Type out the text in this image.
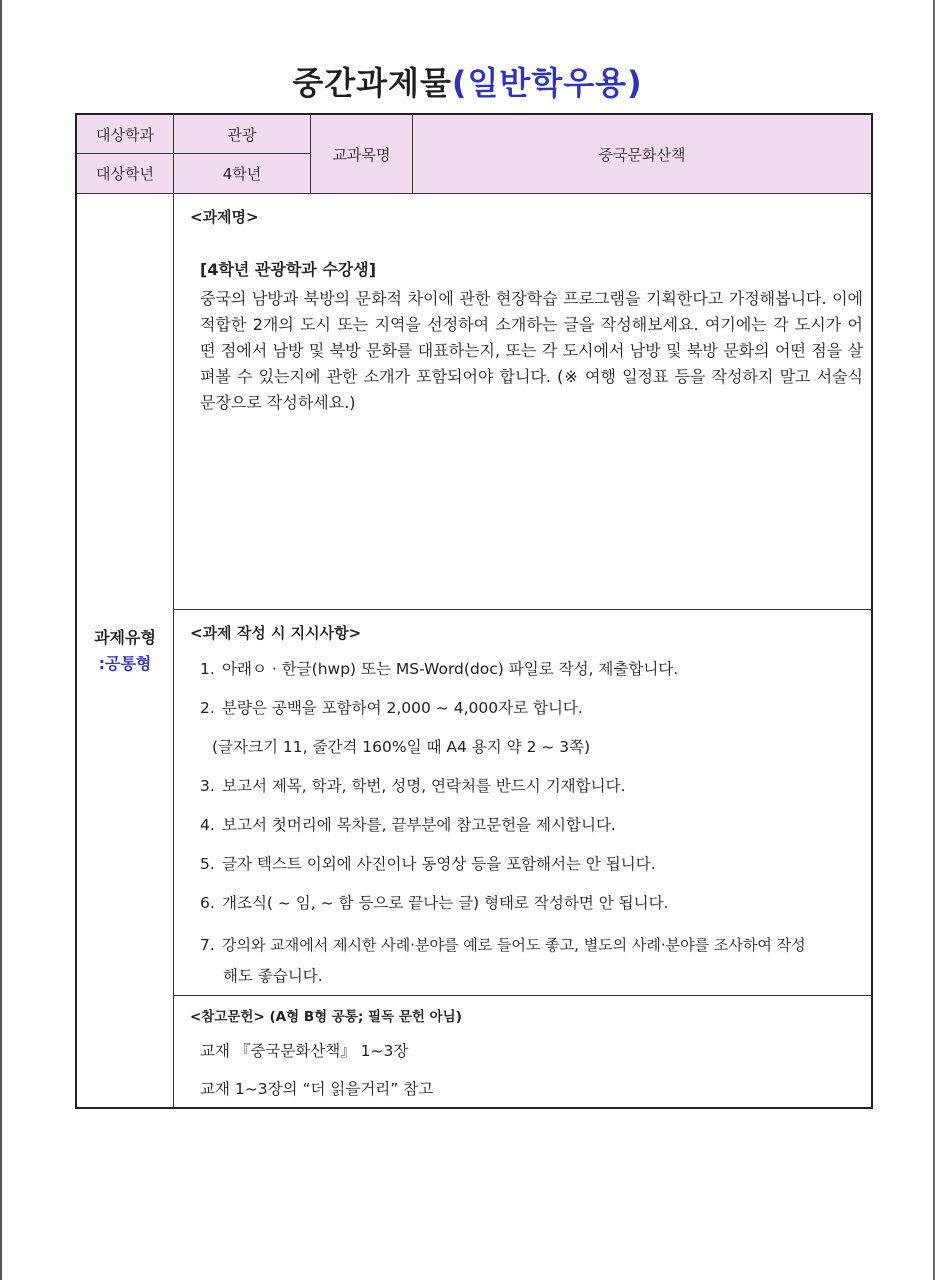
중간과제물(일반학우용)
대상학과	관광
대상학년	4학년
교과목명	중국문화산책
과제유형
:공통형
<과제명>
[4학년 관광학과 수강생]
중국의 남방과 북방의 문화적 차이에 관한 현장학습 프로그램을 기획한다고 가정해봅니다. 이에 적합한 2개의 도시 또는 지역을 선정하여 소개하는 글을 작성해보세요. 여기에는 각 도시가 어떤 점에서 남방 및 북방 문화를 대표하는지, 또는 각 도시에서 남방 및 북방 문화의 어떤 점을 살펴볼 수 있는지에 관한 소개가 포함되어야 합니다. (※ 여행 일정표 등을 작성하지 말고 서술식 문장으로 작성하세요.)
<과제 작성 시 지시사항>
1. 아래ㅇ · 한글(hwp) 또는 MS-Word(doc) 파일로 작성, 제출합니다.
2. 분량은 공백을 포함하여 2,000 ~ 4,000자로 합니다.
(글자크기 11, 줄간격 160%일 때 A4 용지 약 2 ~ 3쪽)
3. 보고서 제목, 학과, 학번, 성명, 연락처를 반드시 기재합니다.
4. 보고서 첫머리에 목차를, 끝부분에 참고문헌을 제시합니다.
5. 글자 텍스트 이외에 사진이나 동영상 등을 포함해서는 안 됩니다.
6. 개조식( ~ 임, ~ 함 등으로 끝나는 글) 형태로 작성하면 안 됩니다.
7. 강의와 교재에서 제시한 사례·분야를 예로 들어도 좋고, 별도의 사례·분야를 조사하여 작성
해도 좋습니다.
<참고문헌> (A형 B형 공통; 필독 문헌 아님)
교재 『중국문화산책』 1~3장
교재 1~3장의 “더 읽을거리” 참고
